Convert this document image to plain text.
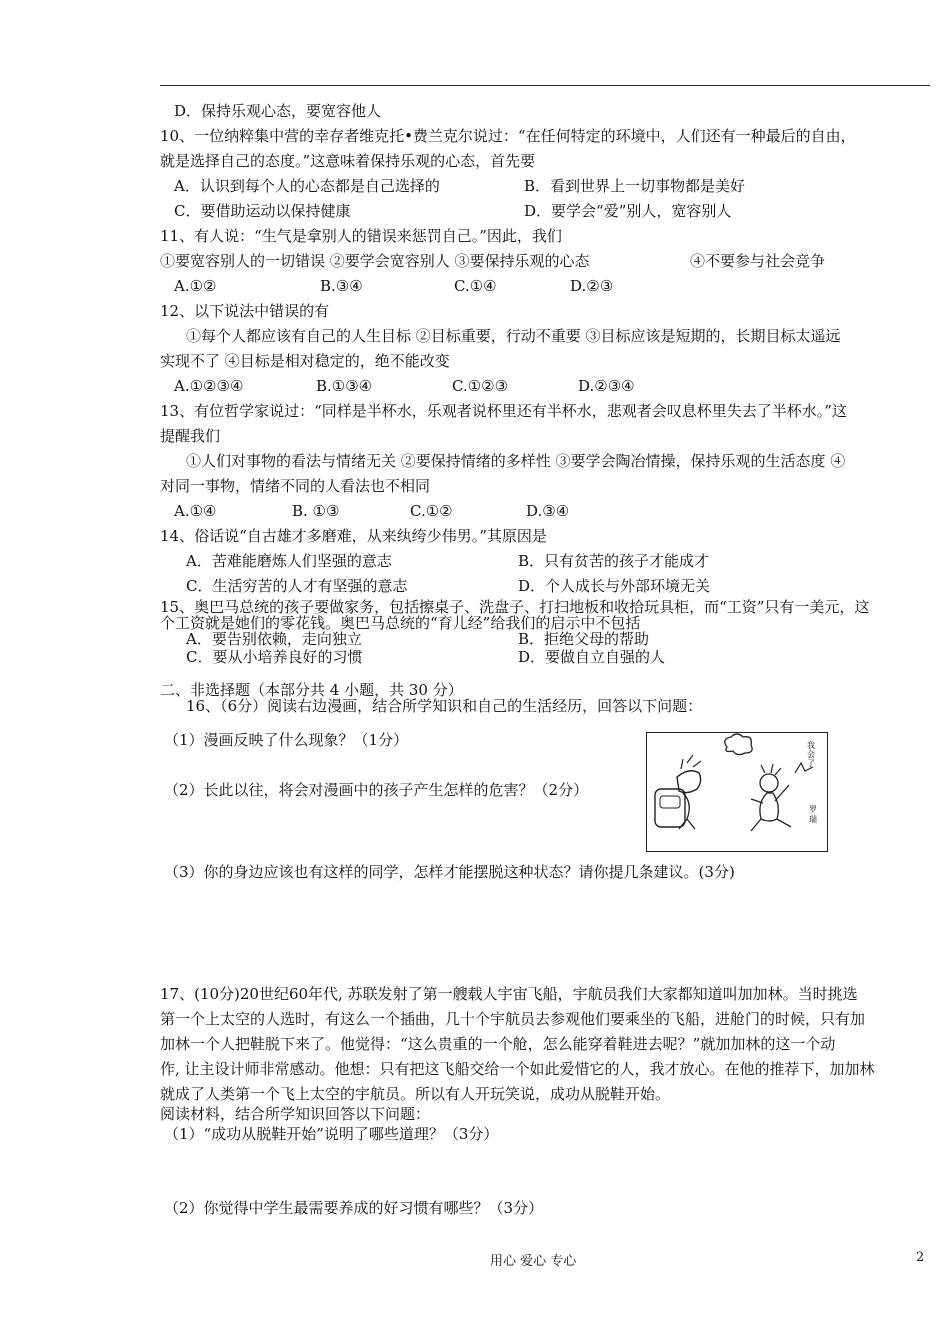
D．保持乐观心态，要宽容他人
10、一位纳粹集中营的幸存者维克托•费兰克尔说过：“在任何特定的环境中，人们还有一种最后的自由，
就是选择自己的态度。”这意味着保持乐观的心态，首先要
A．认识到每个人的心态都是自己选择的	B．看到世界上一切事物都是美好
C．要借助运动以保持健康	D．要学会“爱”别人，宽容别人
11、有人说：“生气是拿别人的错误来惩罚自己。”因此，我们
①要宽容别人的一切错误 ②要学会宽容别人 ③要保持乐观的心态	④不要参与社会竞争
A.①②	B.③④	C.①④	D.②③
12、以下说法中错误的有
①每个人都应该有自己的人生目标 ②目标重要，行动不重要 ③目标应该是短期的，长期目标太遥远
实现不了 ④目标是相对稳定的，绝不能改变
A.①②③④	B.①③④	C.①②③	D.②③④
13、有位哲学家说过：“同样是半杯水，乐观者说杯里还有半杯水，悲观者会叹息杯里失去了半杯水。”这
提醒我们
①人们对事物的看法与情绪无关 ②要保持情绪的多样性 ③要学会陶冶情操，保持乐观的生活态度 ④
对同一事物，情绪不同的人看法也不相同
A.①④	B. ①③	C.①②	D.③④
14、俗话说“自古雄才多磨难，从来纨绔少伟男。”其原因是
A．苦难能磨炼人们坚强的意志	B．只有贫苦的孩子才能成才
C．生活穷苦的人才有坚强的意志	D．个人成长与外部环境无关
15、奥巴马总统的孩子要做家务，包括擦桌子、洗盘子、打扫地板和收拾玩具柜，而“工资”只有一美元，这
个工资就是她们的零花钱。奥巴马总统的“育儿经”给我们的启示中不包括
A．要告别依赖，走向独立	B．拒绝父母的帮助
C．要从小培养良好的习惯	D．要做自立自强的人
二、非选择题（本部分共 4 小题，共 30 分）
16、（6分）阅读右边漫画，结合所学知识和自己的生活经历，回答以下问题：
（1）漫画反映了什么现象？（1分）
（2）长此以往，将会对漫画中的孩子产生怎样的危害？（2分）
我会了
罗 瑞
（3）你的身边应该也有这样的同学，怎样才能摆脱这种状态？请你提几条建议。(3分)
17、(10分)20世纪60年代, 苏联发射了第一艘载人宇宙飞船，宇航员我们大家都知道叫加加林。当时挑选
第一个上太空的人选时，有这么一个插曲，几十个宇航员去参观他们要乘坐的飞船，进舱门的时候，只有加
加林一个人把鞋脱下来了。他觉得：“这么贵重的一个舱，怎么能穿着鞋进去呢？”就加加林的这一个动
作, 让主设计师非常感动。他想：只有把这飞船交给一个如此爱惜它的人，我才放心。在他的推荐下，加加林
就成了人类第一个飞上太空的宇航员。所以有人开玩笑说，成功从脱鞋开始。
阅读材料，结合所学知识回答以下问题：
（1）“成功从脱鞋开始”说明了哪些道理？（3分）
（2）你觉得中学生最需要养成的好习惯有哪些？（3分）
用心 爱心 专心	2
